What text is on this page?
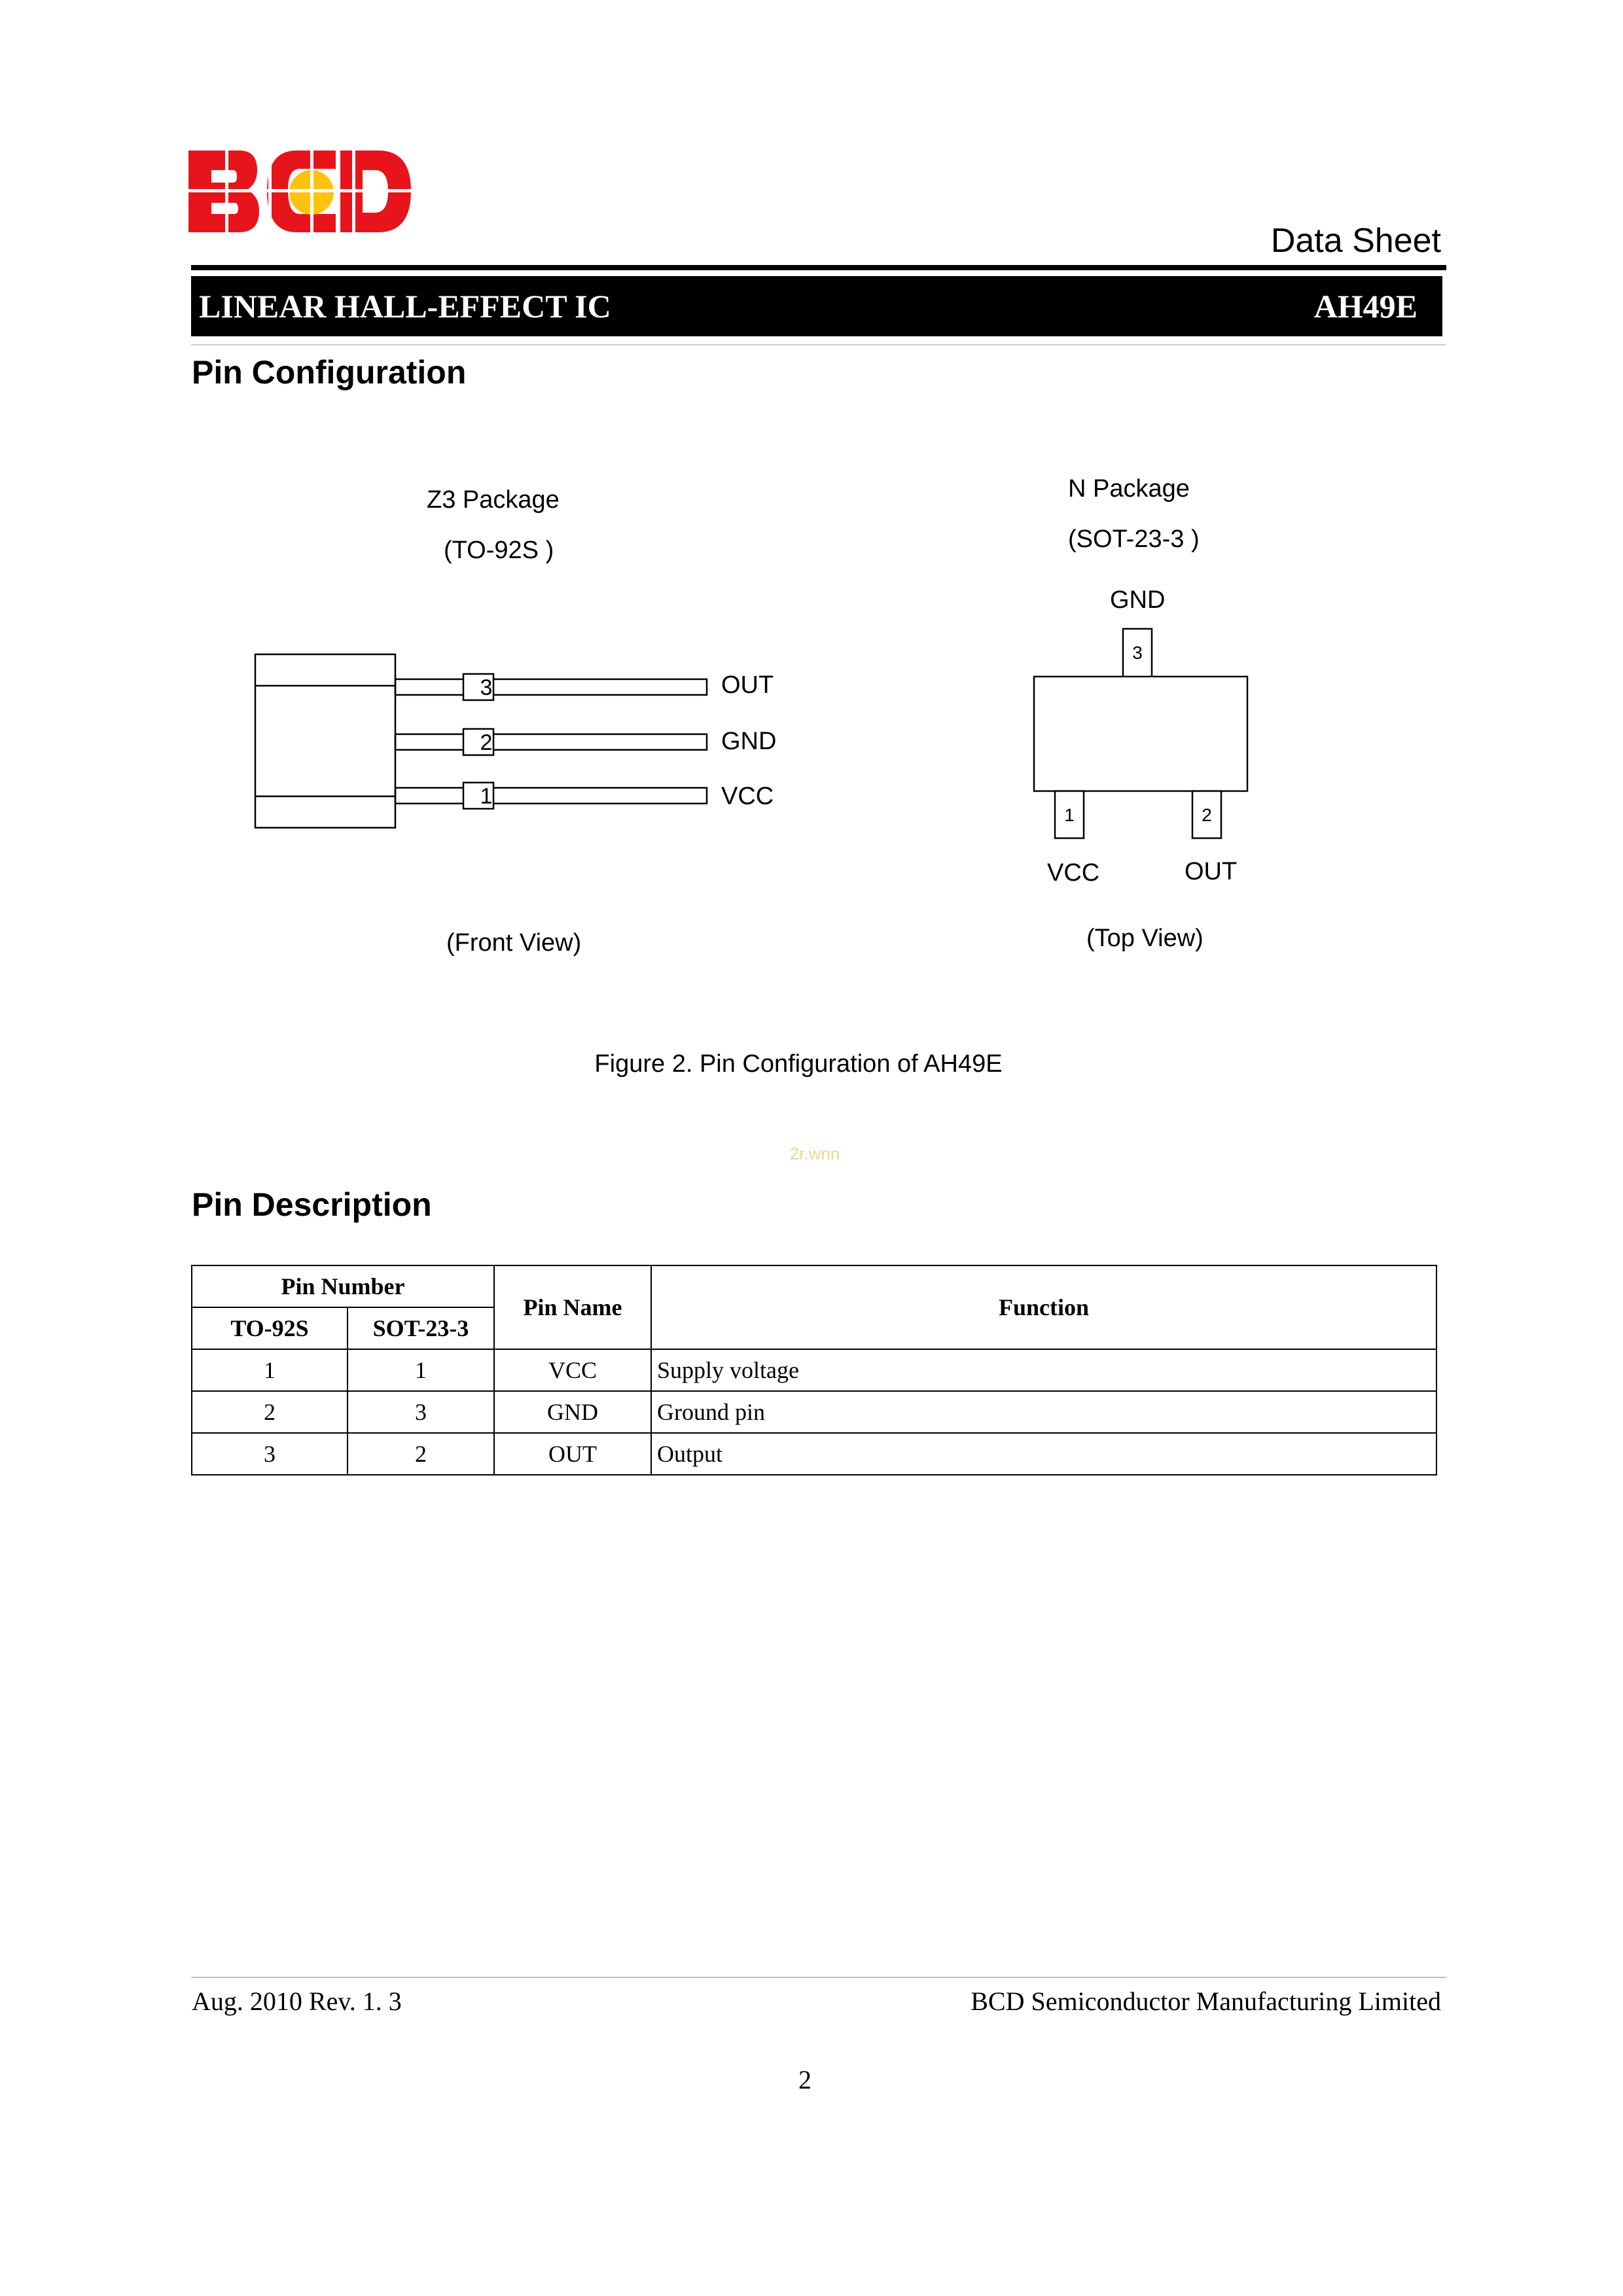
Data Sheet
LINEAR HALL-EFFECT IC	AH49E
Pin Configuration
Z3 Package
(TO-92S )
3
2
1
OUT
GND
VCC
(Front View)
N Package
(SOT-23-3 )
GND
3
1	2
VCC	OUT
(Top View)
Figure 2. Pin Configuration of AH49E
2r.wnn
Pin Description
Pin Number		Pin Name	Function
TO-92S	SOT-23-3		
1	1	VCC	Supply voltage
2	3	GND	Ground pin
3	2	OUT	Output
Aug. 2010 Rev. 1. 3	BCD Semiconductor Manufacturing Limited
2
